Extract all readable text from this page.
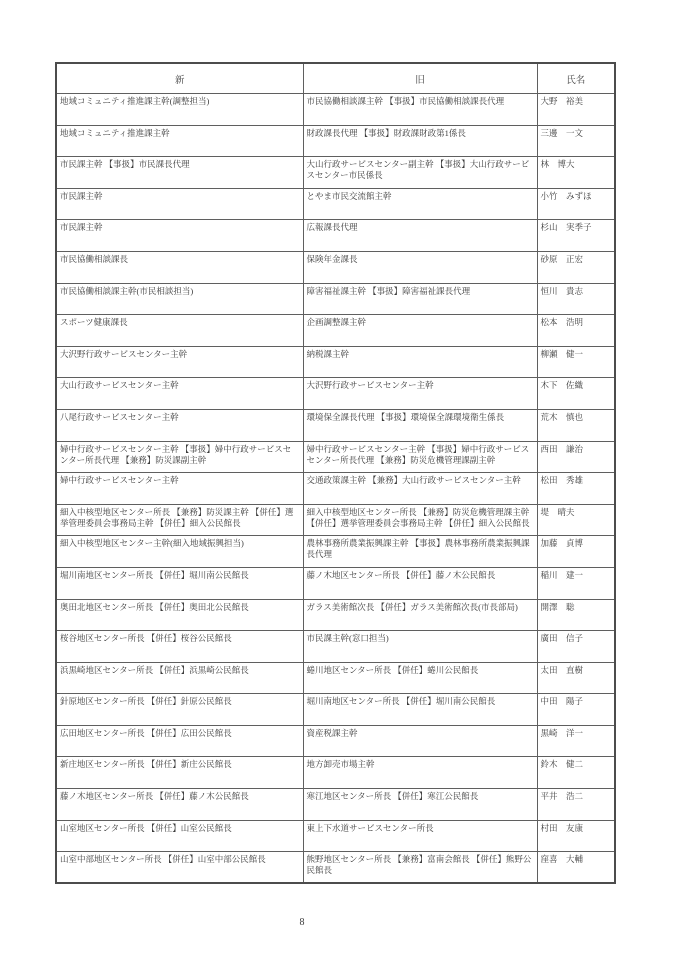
新	旧	氏名
地域コミュニティ推進課主幹(調整担当)	市民協働相談課主幹 【事扱】市民協働相談課長代理	大野　裕美
地域コミュニティ推進課主幹	財政課長代理 【事扱】財政課財政第1係長	三邊　一文
市民課主幹 【事扱】市民課長代理	大山行政サービスセンター副主幹 【事扱】大山行政サービスセンター市民係長	林　博大
市民課主幹	とやま市民交流館主幹	小竹　みずほ
市民課主幹	広報課長代理	杉山　実季子
市民協働相談課長	保険年金課長	砂原　正宏
市民協働相談課主幹(市民相談担当)	障害福祉課主幹 【事扱】障害福祉課長代理	恒川　貴志
スポーツ健康課長	企画調整課主幹	松本　浩明
大沢野行政サービスセンター主幹	納税課主幹	柳瀬　健一
大山行政サービスセンター主幹	大沢野行政サービスセンター主幹	木下　佐織
八尾行政サービスセンター主幹	環境保全課長代理 【事扱】環境保全課環境衛生係長	荒木　慎也
婦中行政サービスセンター主幹 【事扱】婦中行政サービスセンター所長代理 【兼務】防災課副主幹	婦中行政サービスセンター主幹 【事扱】婦中行政サービスセンター所長代理 【兼務】防災危機管理課副主幹	西田　謙治
婦中行政サービスセンター主幹	交通政策課主幹 【兼務】大山行政サービスセンター主幹	松田　秀雄
細入中核型地区センター所長 【兼務】防災課主幹 【併任】選挙管理委員会事務局主幹 【併任】細入公民館長	細入中核型地区センター所長 【兼務】防災危機管理課主幹 【併任】選挙管理委員会事務局主幹 【併任】細入公民館長	堤　晴夫
細入中核型地区センター主幹(細入地域振興担当)	農林事務所農業振興課主幹 【事扱】農林事務所農業振興課長代理	加藤　貞博
堀川南地区センター所長 【併任】堀川南公民館長	藤ノ木地区センター所長 【併任】藤ノ木公民館長	稲川　建一
奥田北地区センター所長 【併任】奥田北公民館長	ガラス美術館次長 【併任】ガラス美術館次長(市長部局)	開澤　聡
桜谷地区センター所長 【併任】桜谷公民館長	市民課主幹(窓口担当)	廣田　信子
浜黒崎地区センター所長 【併任】浜黒崎公民館長	蜷川地区センター所長 【併任】蜷川公民館長	太田　直樹
針原地区センター所長 【併任】針原公民館長	堀川南地区センター所長 【併任】堀川南公民館長	中田　陽子
広田地区センター所長 【併任】広田公民館長	資産税課主幹	黒崎　洋一
新庄地区センター所長 【併任】新庄公民館長	地方卸売市場主幹	鈴木　健二
藤ノ木地区センター所長 【併任】藤ノ木公民館長	寒江地区センター所長 【併任】寒江公民館長	平井　浩二
山室地区センター所長 【併任】山室公民館長	東上下水道サービスセンター所長	村田　友康
山室中部地区センター所長 【併任】山室中部公民館長	熊野地区センター所長 【兼務】富南会館長 【併任】熊野公民館長	窪喜　大輔
8
